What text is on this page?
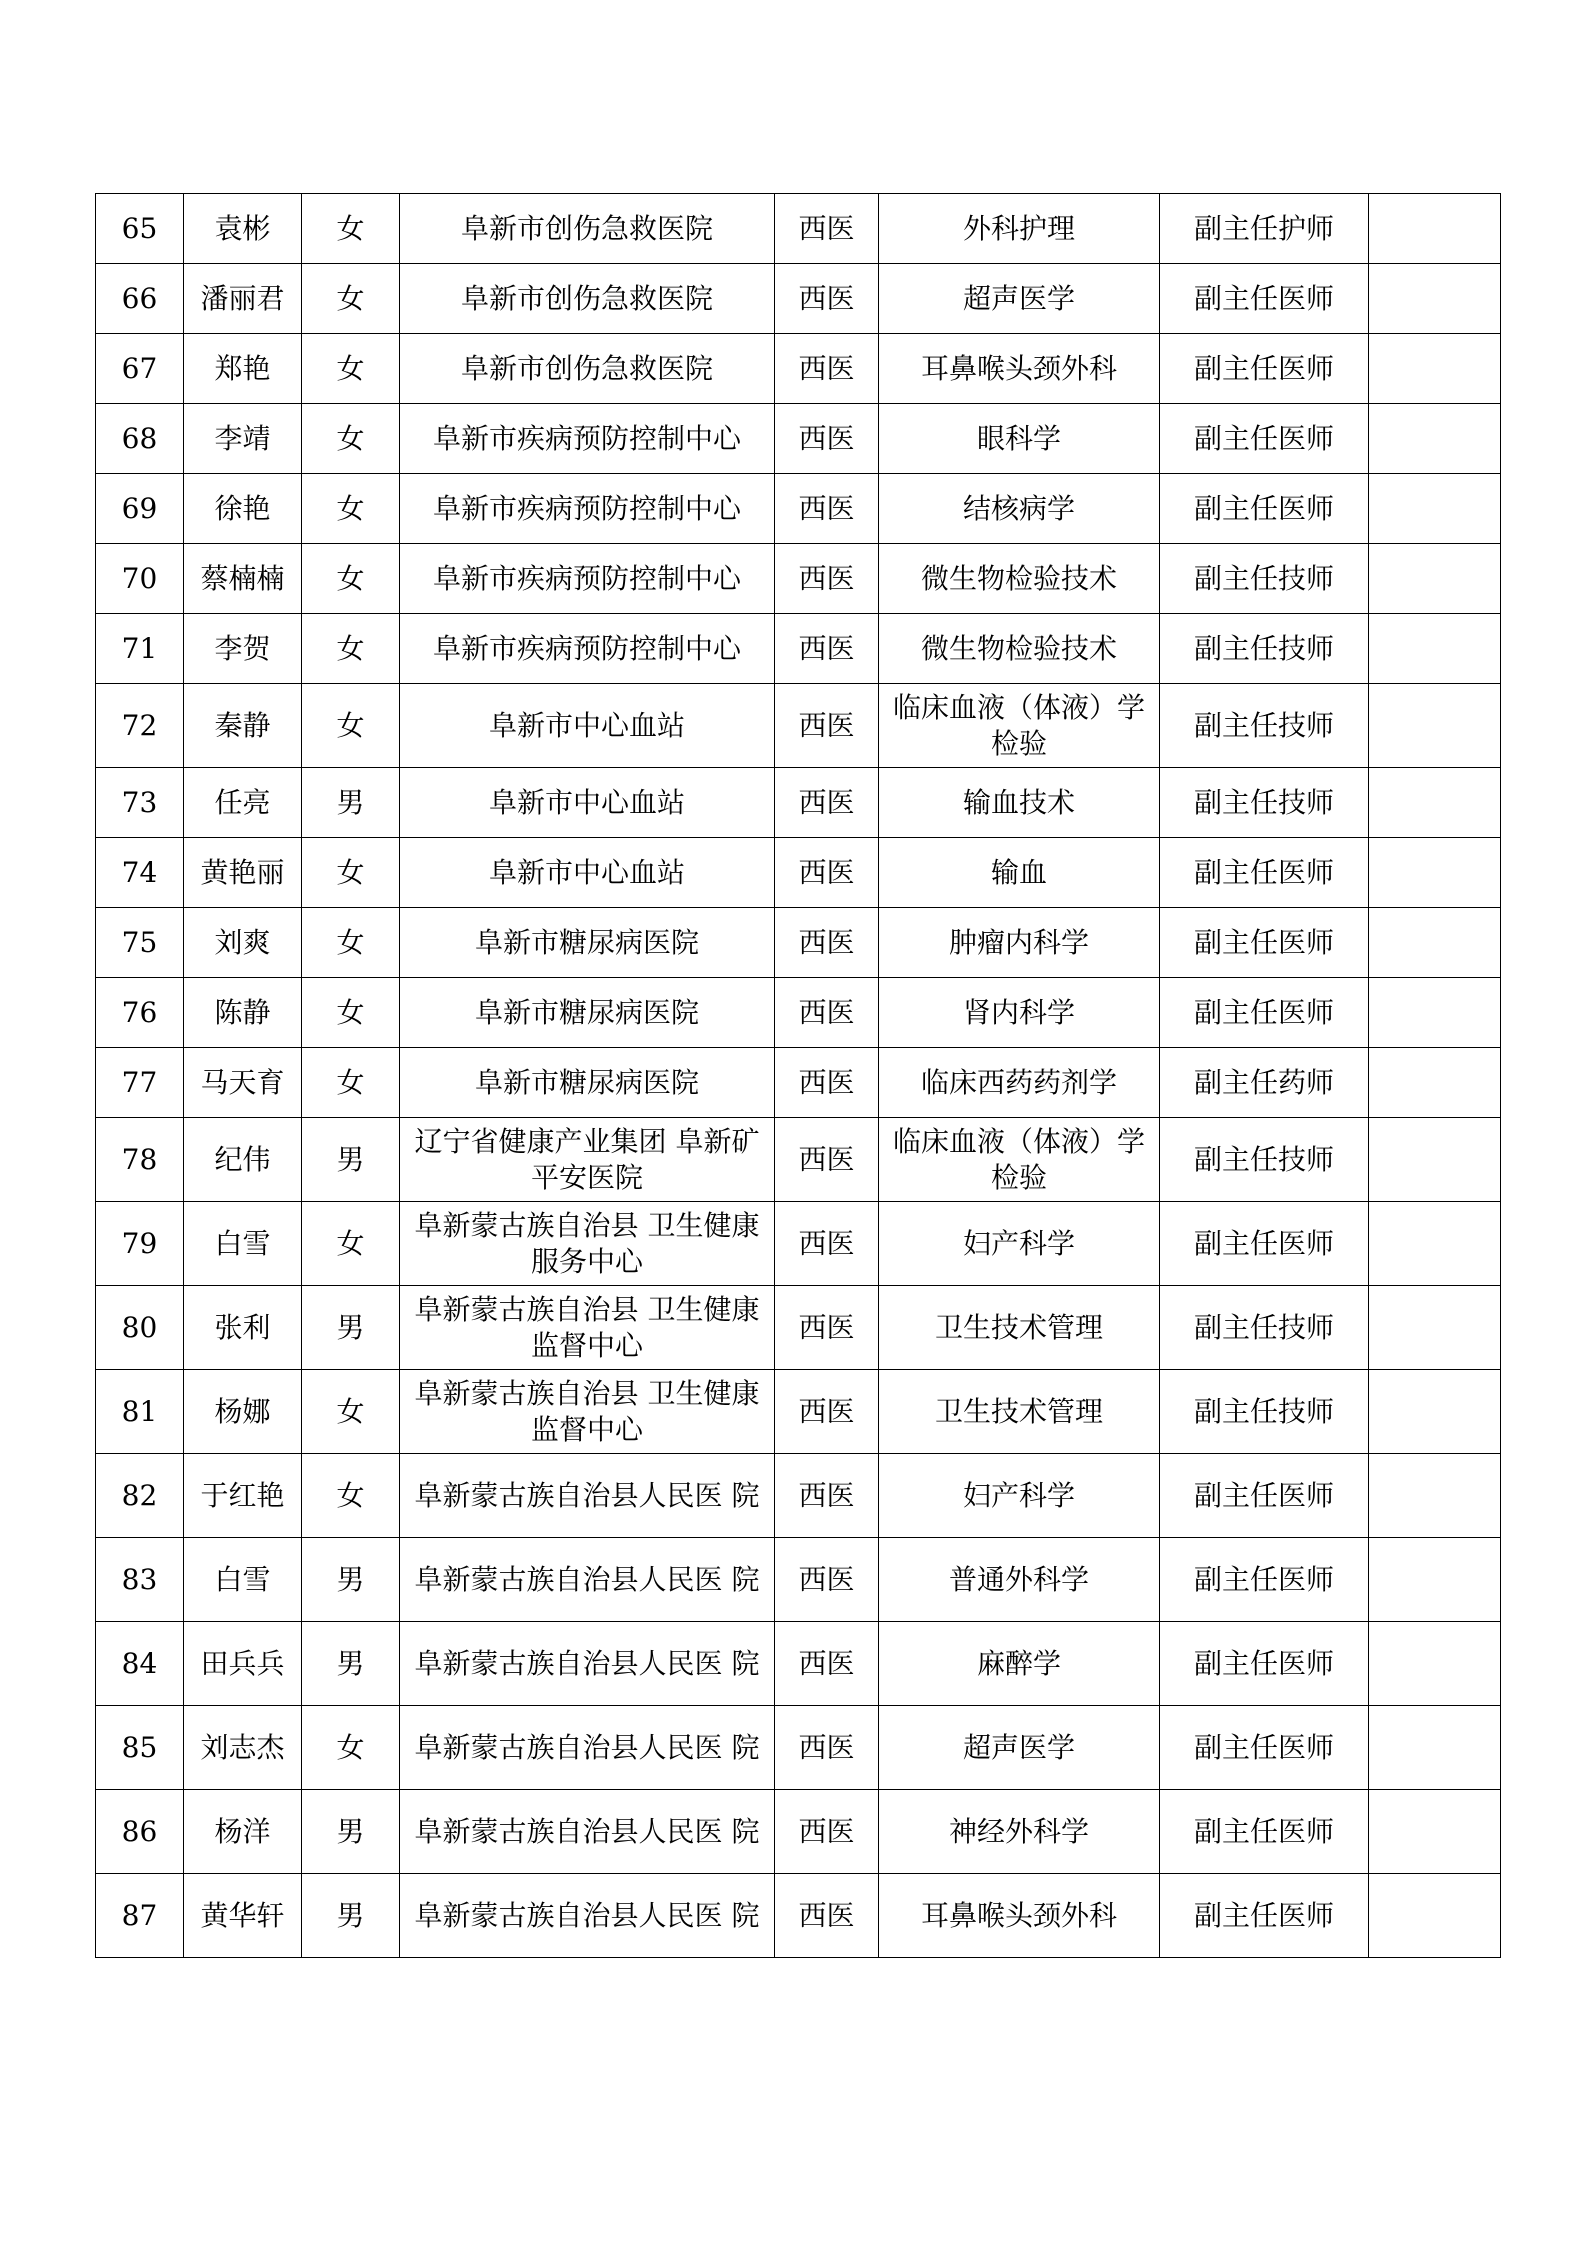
65	袁彬	女	阜新市创伤急救医院	西医	外科护理	副主任护师	
66	潘丽君	女	阜新市创伤急救医院	西医	超声医学	副主任医师	
67	郑艳	女	阜新市创伤急救医院	西医	耳鼻喉头颈外科	副主任医师	
68	李靖	女	阜新市疾病预防控制中心	西医	眼科学	副主任医师	
69	徐艳	女	阜新市疾病预防控制中心	西医	结核病学	副主任医师	
70	蔡楠楠	女	阜新市疾病预防控制中心	西医	微生物检验技术	副主任技师	
71	李贺	女	阜新市疾病预防控制中心	西医	微生物检验技术	副主任技师	
72	秦静	女	阜新市中心血站	西医	临床血液（体液）学 检验	副主任技师	
73	任亮	男	阜新市中心血站	西医	输血技术	副主任技师	
74	黄艳丽	女	阜新市中心血站	西医	输血	副主任医师	
75	刘爽	女	阜新市糖尿病医院	西医	肿瘤内科学	副主任医师	
76	陈静	女	阜新市糖尿病医院	西医	肾内科学	副主任医师	
77	马天育	女	阜新市糖尿病医院	西医	临床西药药剂学	副主任药师	
78	纪伟	男	辽宁省健康产业集团 阜新矿平安医院	西医	临床血液（体液）学 检验	副主任技师	
79	白雪	女	阜新蒙古族自治县 卫生健康服务中心	西医	妇产科学	副主任医师	
80	张利	男	阜新蒙古族自治县 卫生健康监督中心	西医	卫生技术管理	副主任技师	
81	杨娜	女	阜新蒙古族自治县 卫生健康监督中心	西医	卫生技术管理	副主任技师	
82	于红艳	女	阜新蒙古族自治县人民医 院	西医	妇产科学	副主任医师	
83	白雪	男	阜新蒙古族自治县人民医 院	西医	普通外科学	副主任医师	
84	田兵兵	男	阜新蒙古族自治县人民医 院	西医	麻醉学	副主任医师	
85	刘志杰	女	阜新蒙古族自治县人民医 院	西医	超声医学	副主任医师	
86	杨洋	男	阜新蒙古族自治县人民医 院	西医	神经外科学	副主任医师	
87	黄华轩	男	阜新蒙古族自治县人民医 院	西医	耳鼻喉头颈外科	副主任医师	
